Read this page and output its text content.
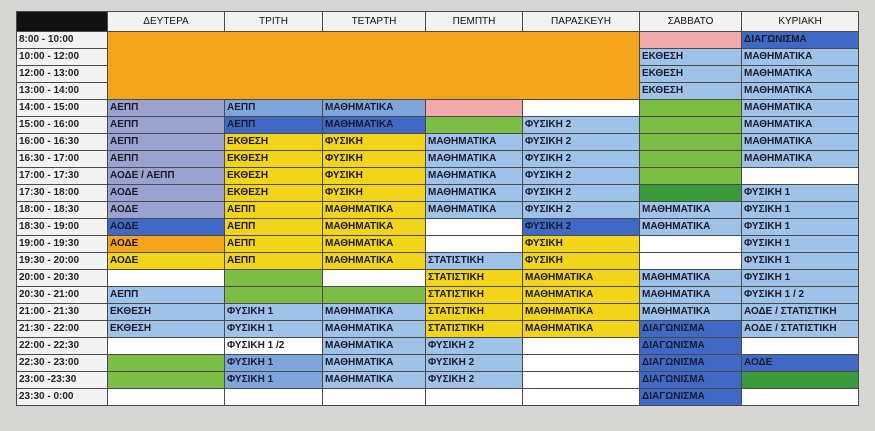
	ΔΕΥΤΕΡΑ	ΤΡΙΤΗ	ΤΕΤΑΡΤΗ	ΠΕΜΠΤΗ	ΠΑΡΑΣΚΕΥΗ	ΣΑΒΒΑΤΟ	ΚΥΡΙΑΚΗ
8:00 - 10:00							ΔΙΑΓΩΝΙΣΜΑ
10:00 - 12:00						ΕΚΘΕΣΗ	ΜΑΘΗΜΑΤΙΚΑ
12:00 - 13:00						ΕΚΘΕΣΗ	ΜΑΘΗΜΑΤΙΚΑ
13:00 - 14:00						ΕΚΘΕΣΗ	ΜΑΘΗΜΑΤΙΚΑ
14:00 - 15:00	ΑΕΠΠ	ΑΕΠΠ	ΜΑΘΗΜΑΤΙΚΑ				ΜΑΘΗΜΑΤΙΚΑ
15:00 - 16:00	ΑΕΠΠ	ΑΕΠΠ	ΜΑΘΗΜΑΤΙΚΑ		ΦΥΣΙΚΗ 2		ΜΑΘΗΜΑΤΙΚΑ
16:00 - 16:30	ΑΕΠΠ	ΕΚΘΕΣΗ	ΦΥΣΙΚΗ	ΜΑΘΗΜΑΤΙΚΑ	ΦΥΣΙΚΗ 2		ΜΑΘΗΜΑΤΙΚΑ
16:30 - 17:00	ΑΕΠΠ	ΕΚΘΕΣΗ	ΦΥΣΙΚΗ	ΜΑΘΗΜΑΤΙΚΑ	ΦΥΣΙΚΗ 2		ΜΑΘΗΜΑΤΙΚΑ
17:00 - 17:30	ΑΟΔΕ / ΑΕΠΠ	ΕΚΘΕΣΗ	ΦΥΣΙΚΗ	ΜΑΘΗΜΑΤΙΚΑ	ΦΥΣΙΚΗ 2		
17:30 - 18:00	ΑΟΔΕ	ΕΚΘΕΣΗ	ΦΥΣΙΚΗ	ΜΑΘΗΜΑΤΙΚΑ	ΦΥΣΙΚΗ 2		ΦΥΣΙΚΗ 1
18:00 - 18:30	ΑΟΔΕ	ΑΕΠΠ	ΜΑΘΗΜΑΤΙΚΑ	ΜΑΘΗΜΑΤΙΚΑ	ΦΥΣΙΚΗ 2	ΜΑΘΗΜΑΤΙΚΑ	ΦΥΣΙΚΗ 1
18:30 - 19:00	ΑΟΔΕ	ΑΕΠΠ	ΜΑΘΗΜΑΤΙΚΑ		ΦΥΣΙΚΗ 2	ΜΑΘΗΜΑΤΙΚΑ	ΦΥΣΙΚΗ 1
19:00 - 19:30	ΑΟΔΕ	ΑΕΠΠ	ΜΑΘΗΜΑΤΙΚΑ		ΦΥΣΙΚΗ		ΦΥΣΙΚΗ 1
19:30 - 20:00	ΑΟΔΕ	ΑΕΠΠ	ΜΑΘΗΜΑΤΙΚΑ	ΣΤΑΤΙΣΤΙΚΗ	ΦΥΣΙΚΗ		ΦΥΣΙΚΗ 1
20:00 - 20:30				ΣΤΑΤΙΣΤΙΚΗ	ΜΑΘΗΜΑΤΙΚΑ	ΜΑΘΗΜΑΤΙΚΑ	ΦΥΣΙΚΗ 1
20:30 - 21:00	ΑΕΠΠ			ΣΤΑΤΙΣΤΙΚΗ	ΜΑΘΗΜΑΤΙΚΑ	ΜΑΘΗΜΑΤΙΚΑ	ΦΥΣΙΚΗ 1 / 2
21:00 - 21:30	ΕΚΘΕΣΗ	ΦΥΣΙΚΗ 1	ΜΑΘΗΜΑΤΙΚΑ	ΣΤΑΤΙΣΤΙΚΗ	ΜΑΘΗΜΑΤΙΚΑ	ΜΑΘΗΜΑΤΙΚΑ	ΑΟΔΕ / ΣΤΑΤΙΣΤΙΚΗ
21:30 - 22:00	ΕΚΘΕΣΗ	ΦΥΣΙΚΗ 1	ΜΑΘΗΜΑΤΙΚΑ	ΣΤΑΤΙΣΤΙΚΗ	ΜΑΘΗΜΑΤΙΚΑ	ΔΙΑΓΩΝΙΣΜΑ	ΑΟΔΕ / ΣΤΑΤΙΣΤΙΚΗ
22:00 - 22:30		ΦΥΣΙΚΗ 1 /2	ΜΑΘΗΜΑΤΙΚΑ	ΦΥΣΙΚΗ 2		ΔΙΑΓΩΝΙΣΜΑ	
22:30 - 23:00		ΦΥΣΙΚΗ 1	ΜΑΘΗΜΑΤΙΚΑ	ΦΥΣΙΚΗ 2		ΔΙΑΓΩΝΙΣΜΑ	ΑΟΔΕ
23:00 -23:30		ΦΥΣΙΚΗ 1	ΜΑΘΗΜΑΤΙΚΑ	ΦΥΣΙΚΗ 2		ΔΙΑΓΩΝΙΣΜΑ	
23:30 - 0:00						ΔΙΑΓΩΝΙΣΜΑ	
